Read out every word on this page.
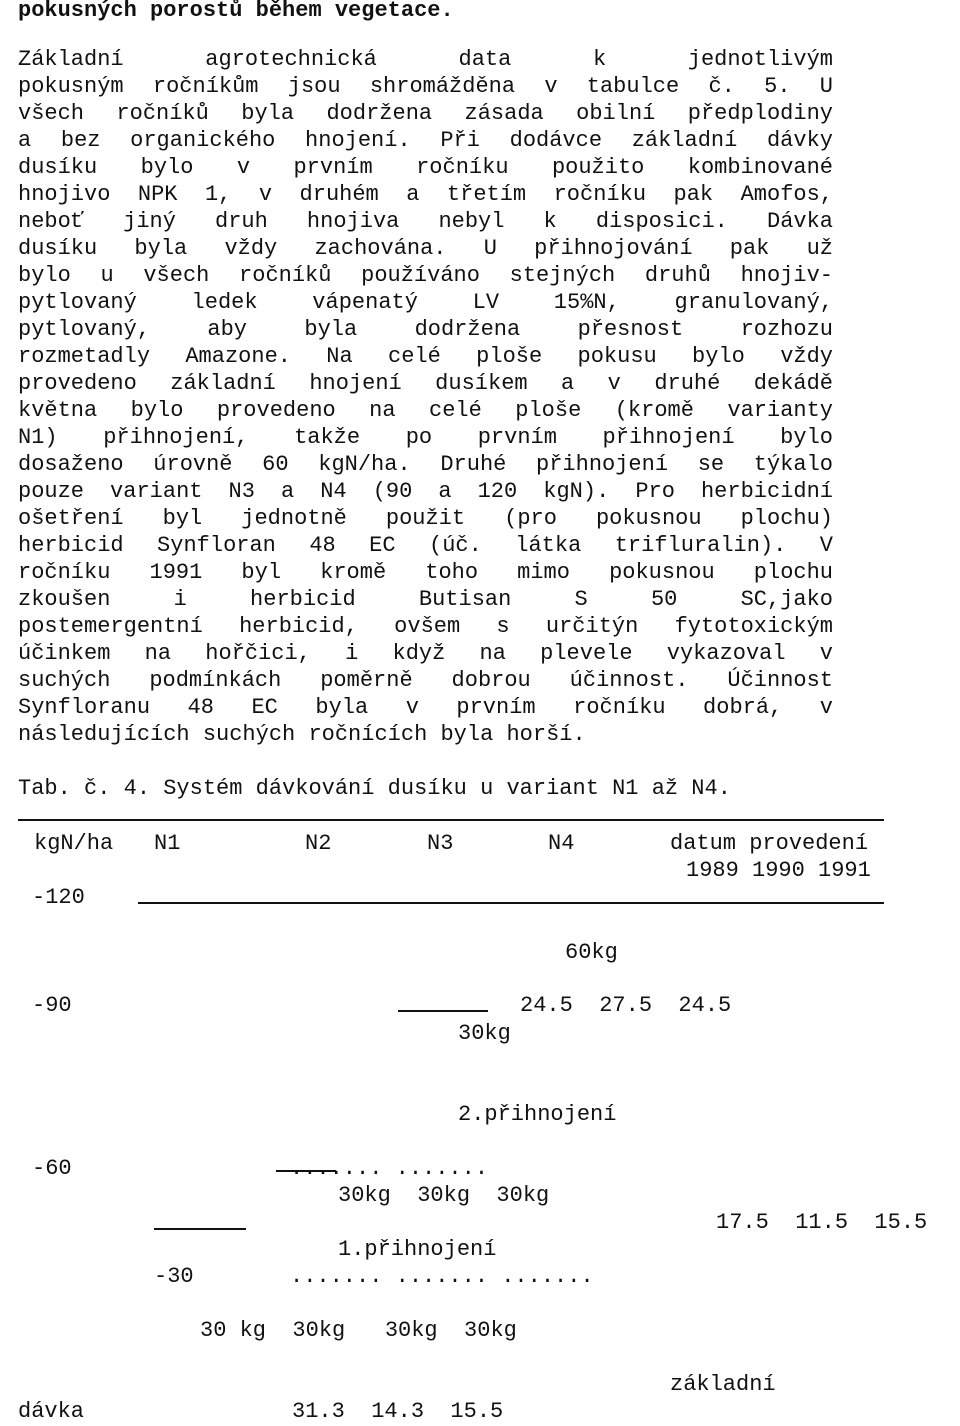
pokusných porostů během vegetace.
Základní agrotechnická data k jednotlivým
pokusným ročníkům jsou shromážděna v tabulce č. 5. U
všech ročníků byla dodržena zásada obilní předplodiny
a bez organického hnojení. Při dodávce základní dávky
dusíku bylo v prvním ročníku použito kombinované
hnojivo NPK 1, v druhém a třetím ročníku pak Amofos,
neboť jiný druh hnojiva nebyl k disposici. Dávka
dusíku byla vždy zachována. U přihnojování pak už
bylo u všech ročníků používáno stejných druhů hnojiv-
pytlovaný ledek vápenatý LV 15%N, granulovaný,
pytlovaný, aby byla dodržena přesnost rozhozu
rozmetadly Amazone. Na celé ploše pokusu bylo vždy
provedeno základní hnojení dusíkem a v druhé dekádě
května bylo provedeno na celé ploše (kromě varianty
N1) přihnojení, takže po prvním přihnojení bylo
dosaženo úrovně 60 kgN/ha. Druhé přihnojení se týkalo
pouze variant N3 a N4 (90 a 120 kgN). Pro herbicidní
ošetření byl jednotně použit (pro pokusnou plochu)
herbicid Synfloran 48 EC (úč. látka trifluralin). V
ročníku 1991 byl kromě toho mimo pokusnou plochu
zkoušen i herbicid Butisan S 50 SC,jako
postemergentní herbicid, ovšem s určitýn fytotoxickým
účinkem na hořčici, i když na plevele vykazoval v
suchých podmínkách poměrně dobrou účinnost. Účinnost
Synfloranu 48 EC byla v prvním ročníku dobrá, v
následujících suchých ročnících byla horší.
Tab. č. 4. Systém dávkování dusíku u variant N1 až N4.
kgN/ha N1	N2	N3	N4	datum provedení
1989 1990 1991
-120
60kg
-90	24.5  27.5  24.5
30kg
2.přihnojení
-60	....... .......
30kg  30kg  30kg
17.5  11.5  15.5
1.přihnojení
-30	....... ....... .......
30 kg  30kg   30kg  30kg
základní
dávka	31.3  14.3  15.5
